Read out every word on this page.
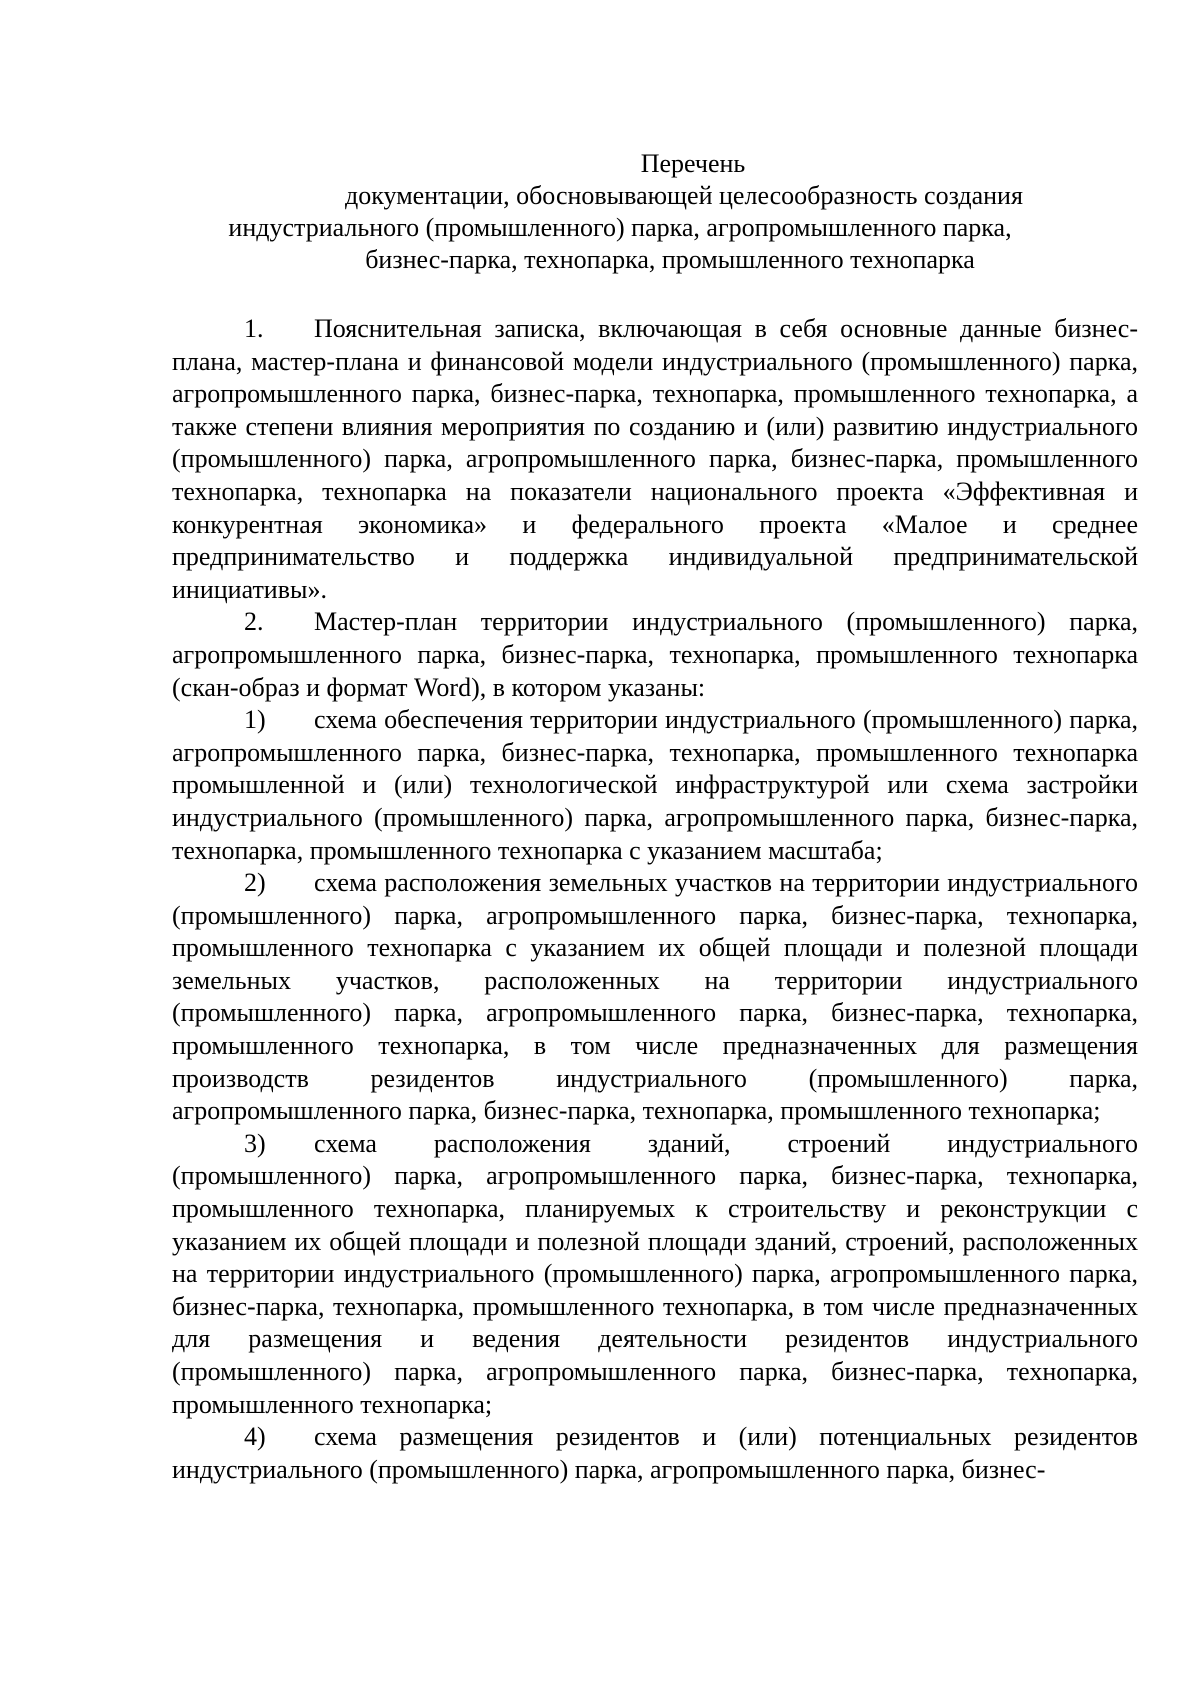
Перечень
документации, обосновывающей целесообразность создания
индустриального (промышленного) парка, агропромышленного парка,
бизнес-парка, технопарка, промышленного технопарка

1. Пояснительная записка, включающая в себя основные данные бизнес-плана, мастер-плана и финансовой модели индустриального (промышленного) парка, агропромышленного парка, бизнес-парка, технопарка, промышленного технопарка, а также степени влияния мероприятия по созданию и (или) развитию индустриального (промышленного) парка, агропромышленного парка, бизнес-парка, промышленного технопарка, технопарка на показатели национального проекта «Эффективная и конкурентная экономика» и федерального проекта «Малое и среднее предпринимательство и поддержка индивидуальной предпринимательской инициативы».

2. Мастер-план территории индустриального (промышленного) парка, агропромышленного парка, бизнес-парка, технопарка, промышленного технопарка (скан-образ и формат Word), в котором указаны:

1) схема обеспечения территории индустриального (промышленного) парка, агропромышленного парка, бизнес-парка, технопарка, промышленного технопарка промышленной и (или) технологической инфраструктурой или схема застройки индустриального (промышленного) парка, агропромышленного парка, бизнес-парка, технопарка, промышленного технопарка с указанием масштаба;

2) схема расположения земельных участков на территории индустриального (промышленного) парка, агропромышленного парка, бизнес-парка, технопарка, промышленного технопарка с указанием их общей площади и полезной площади земельных участков, расположенных на территории индустриального (промышленного) парка, агропромышленного парка, бизнес-парка, технопарка, промышленного технопарка, в том числе предназначенных для размещения производств резидентов индустриального (промышленного) парка, агропромышленного парка, бизнес-парка, технопарка, промышленного технопарка;

3) схема расположения зданий, строений индустриального (промышленного) парка, агропромышленного парка, бизнес-парка, технопарка, промышленного технопарка, планируемых к строительству и реконструкции с указанием их общей площади и полезной площади зданий, строений, расположенных на территории индустриального (промышленного) парка, агропромышленного парка, бизнес-парка, технопарка, промышленного технопарка, в том числе предназначенных для размещения и ведения деятельности резидентов индустриального (промышленного) парка, агропромышленного парка, бизнес-парка, технопарка, промышленного технопарка;

4) схема размещения резидентов и (или) потенциальных резидентов индустриального (промышленного) парка, агропромышленного парка, бизнес-
